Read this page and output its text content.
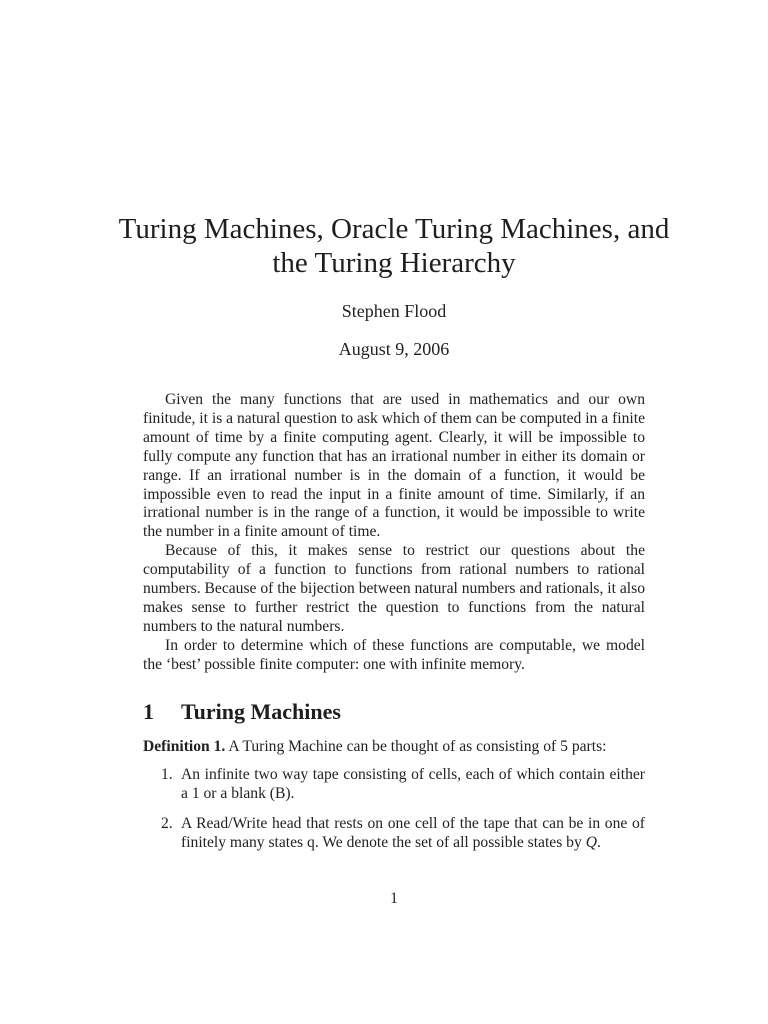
Turing Machines, Oracle Turing Machines, and
the Turing Hierarchy
Stephen Flood
August 9, 2006

Given the many functions that are used in mathematics and our own finitude, it is a natural question to ask which of them can be computed in a finite amount of time by a finite computing agent. Clearly, it will be impossible to fully compute any function that has an irrational number in either its domain or range. If an irrational number is in the domain of a function, it would be impossible even to read the input in a finite amount of time. Similarly, if an irrational number is in the range of a function, it would be impossible to write the number in a finite amount of time.

Because of this, it makes sense to restrict our questions about the computability of a function to functions from rational numbers to rational numbers. Because of the bijection between natural numbers and rationals, it also makes sense to further restrict the question to functions from the natural numbers to the natural numbers.

In order to determine which of these functions are computable, we model the ‘best’ possible finite computer: one with infinite memory.

1 Turing Machines
Definition 1. A Turing Machine can be thought of as consisting of 5 parts:
1. An infinite two way tape consisting of cells, each of which contain either a 1 or a blank (B).
2. A Read/Write head that rests on one cell of the tape that can be in one of finitely many states q. We denote the set of all possible states by Q.
1
